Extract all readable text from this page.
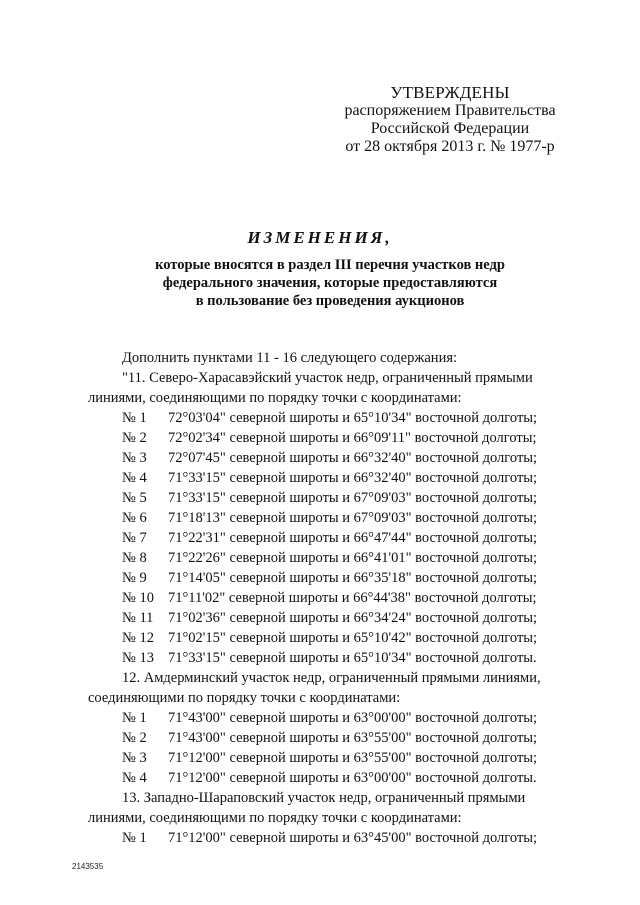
УТВЕРЖДЕНЫ
распоряжением Правительства
Российской Федерации
от 28 октября 2013 г. № 1977-р
ИЗМЕНЕНИЯ,
которые вносятся в раздел III перечня участков недр
федерального значения, которые предоставляются
в пользование без проведения аукционов
Дополнить пунктами 11 - 16 следующего содержания:
"11. Северо-Харасавэйский участок недр, ограниченный прямыми
линиями, соединяющими по порядку точки с координатами:
№ 1 72°03'04" северной широты и 65°10'34" восточной долготы;
№ 2 72°02'34" северной широты и 66°09'11" восточной долготы;
№ 3 72°07'45" северной широты и 66°32'40" восточной долготы;
№ 4 71°33'15" северной широты и 66°32'40" восточной долготы;
№ 5 71°33'15" северной широты и 67°09'03" восточной долготы;
№ 6 71°18'13" северной широты и 67°09'03" восточной долготы;
№ 7 71°22'31" северной широты и 66°47'44" восточной долготы;
№ 8 71°22'26" северной широты и 66°41'01" восточной долготы;
№ 9 71°14'05" северной широты и 66°35'18" восточной долготы;
№ 10 71°11'02" северной широты и 66°44'38" восточной долготы;
№ 11 71°02'36" северной широты и 66°34'24" восточной долготы;
№ 12 71°02'15" северной широты и 65°10'42" восточной долготы;
№ 13 71°33'15" северной широты и 65°10'34" восточной долготы.
12. Амдерминский участок недр, ограниченный прямыми линиями,
соединяющими по порядку точки с координатами:
№ 1 71°43'00" северной широты и 63°00'00" восточной долготы;
№ 2 71°43'00" северной широты и 63°55'00" восточной долготы;
№ 3 71°12'00" северной широты и 63°55'00" восточной долготы;
№ 4 71°12'00" северной широты и 63°00'00" восточной долготы.
13. Западно-Шараповский участок недр, ограниченный прямыми
линиями, соединяющими по порядку точки с координатами:
№ 1 71°12'00" северной широты и 63°45'00" восточной долготы;
2143535
